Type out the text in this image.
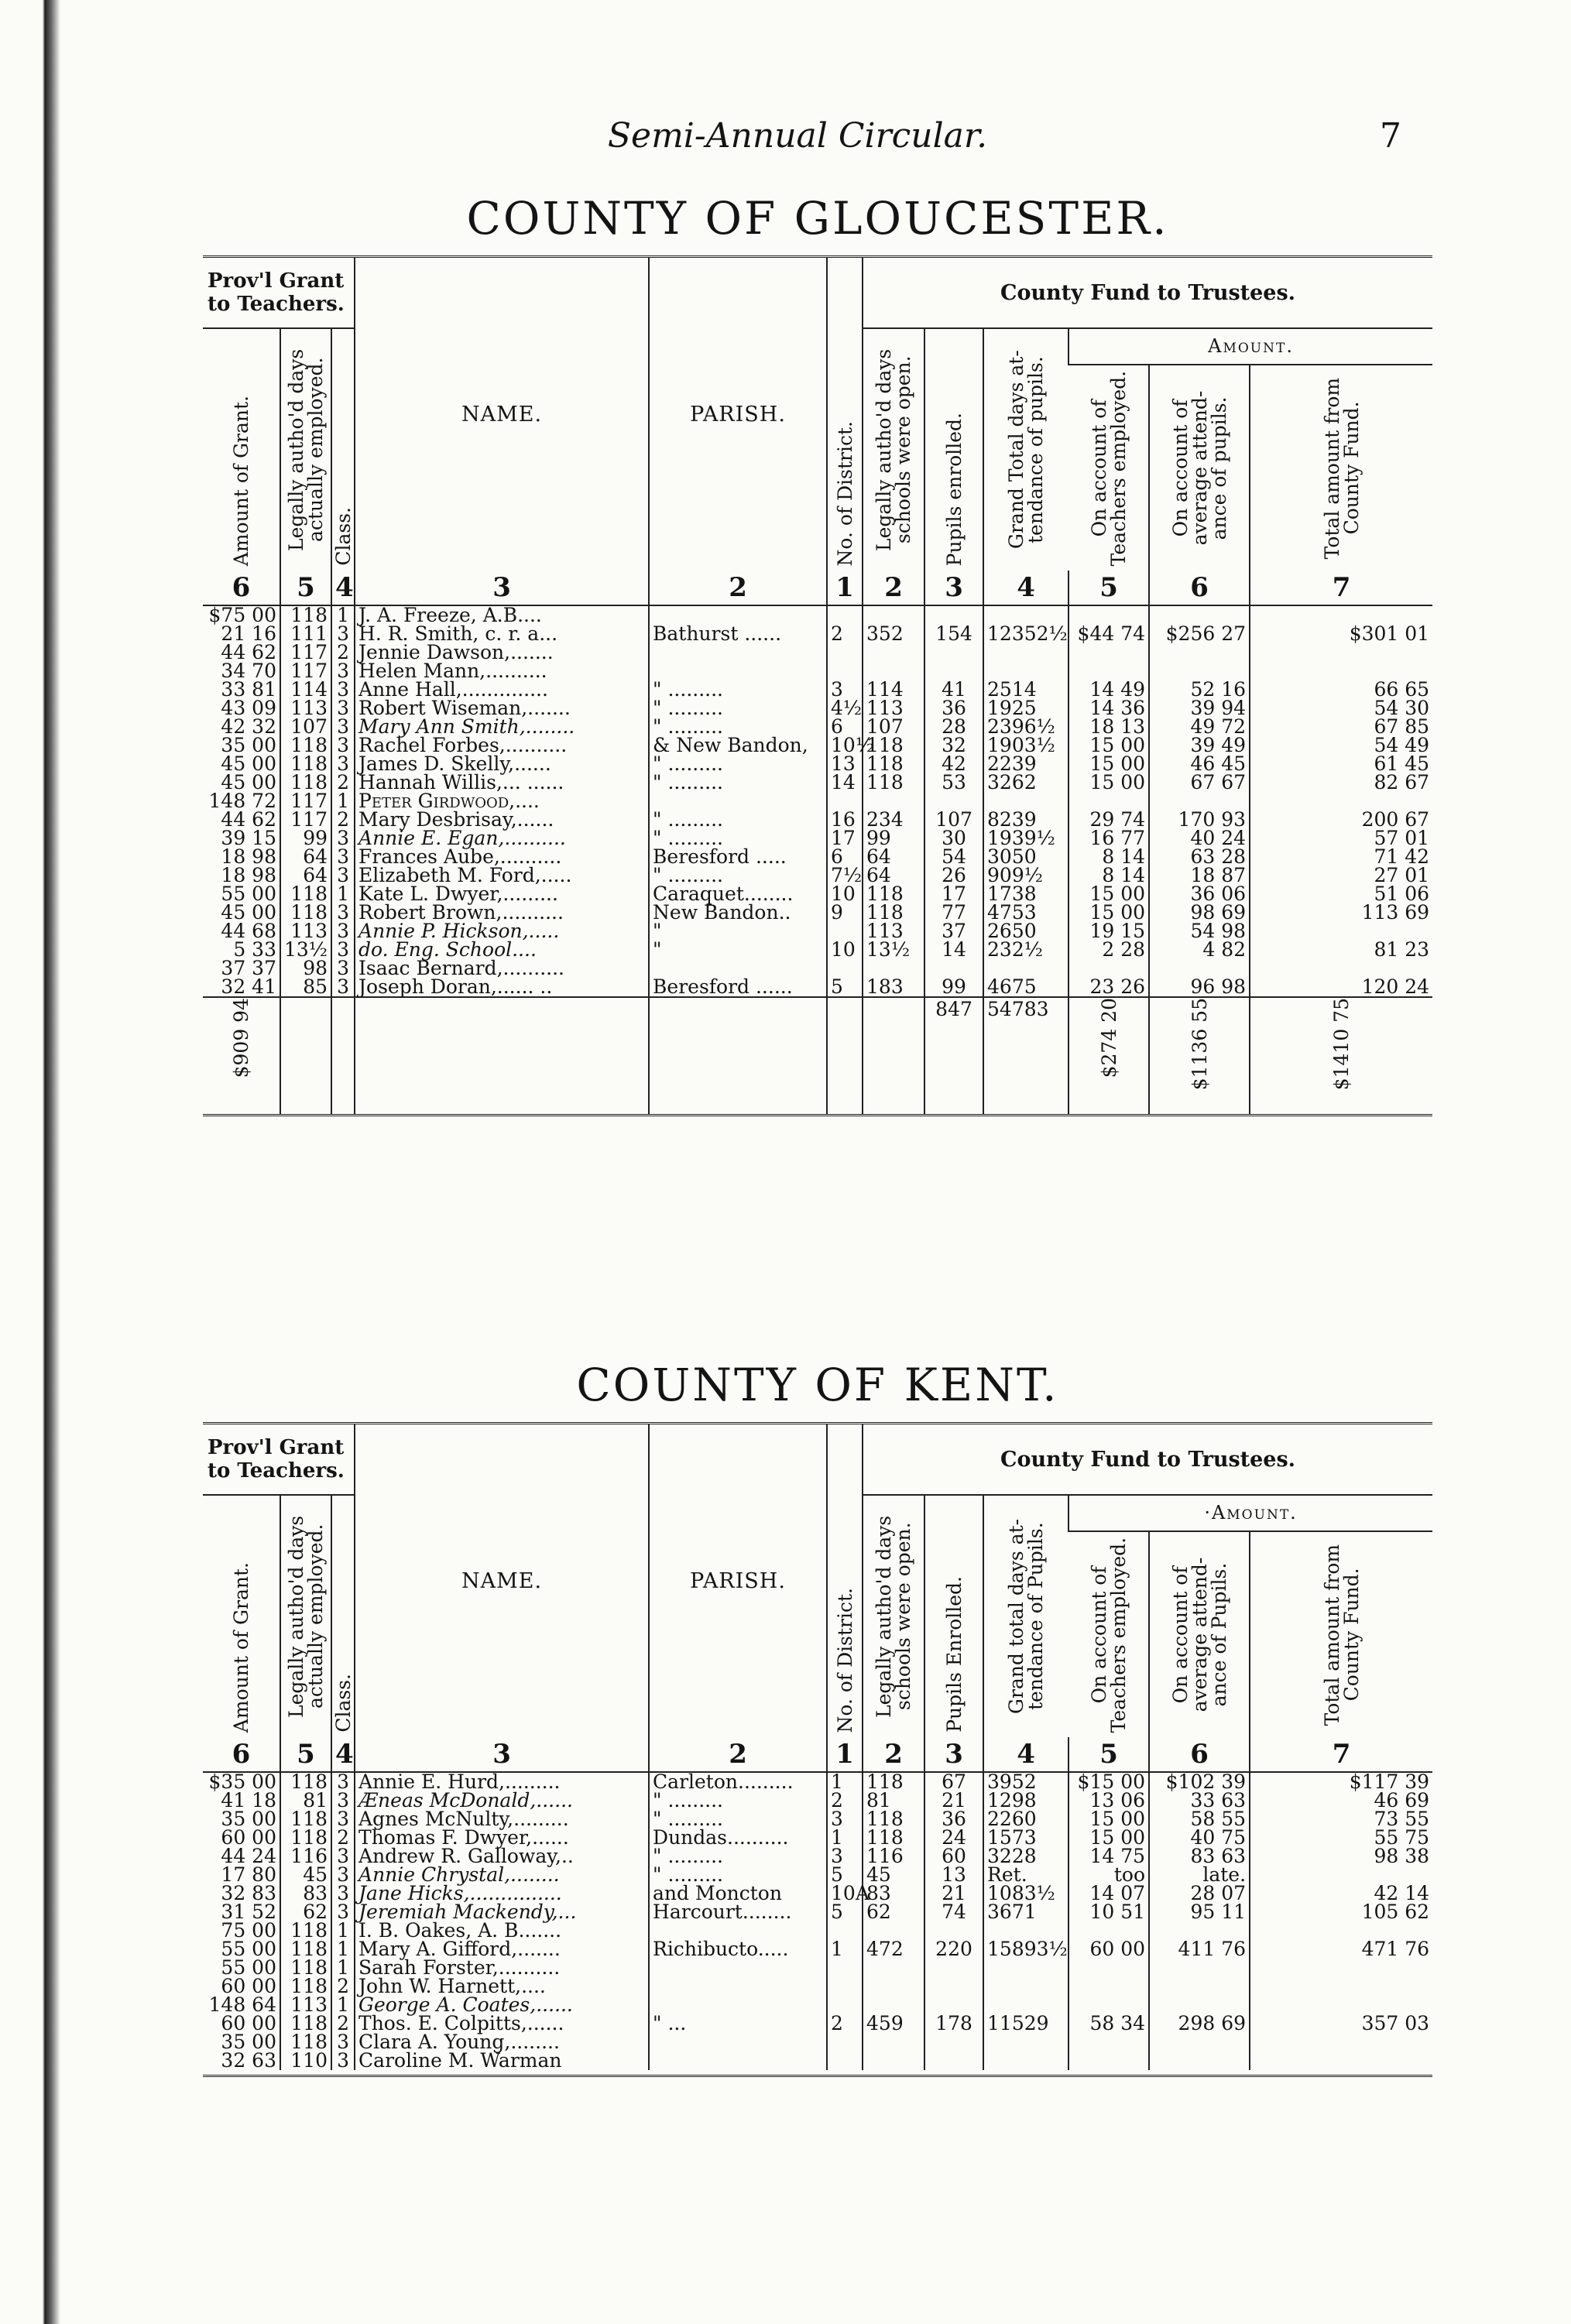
Semi-Annual Circular.	7
COUNTY OF GLOUCESTER.
Prov'l Grant to Teachers.			NAME.	PARISH.	No. of District.	County Fund to Trustees.					

Amount of Grant.	Legally autho'd days actually employed.	Class.				Legally autho'd days schools were open.	Pupils enrolled.	Grand Total days at-tendance of pupils.	Amount.		

									On account of Teachers employed.	On account of average attend-ance of pupils.	Total amount from County Fund.

6	5	4	3	2	1	2	3	4	5	6	7
$75 00	118	1	J. A. Freeze, A.B....								
21 16	111	3	H. R. Smith, c. r. a...	Bathurst ......	2	352	154	12352½	$44 74	$256 27	$301 01
44 62	117	2	Jennie Dawson,.......								
34 70	117	3	Helen Mann,..........								
33 81	114	3	Anne Hall,..............	" .........	3	114	41	2514	14 49	52 16	66 65
43 09	113	3	Robert Wiseman,.......	" .........	4½	113	36	1925	14 36	39 94	54 30
42 32	107	3	Mary Ann Smith,........	" .........	6	107	28	2396½	18 13	49 72	67 85
35 00	118	3	Rachel Forbes,..........	& New Bandon,	10½	118	32	1903½	15 00	39 49	54 49
45 00	118	3	James D. Skelly,......	" .........	13	118	42	2239	15 00	46 45	61 45
45 00	118	2	Hannah Willis,... ......	" .........	14	118	53	3262	15 00	67 67	82 67
148 72	117	1	Peter Girdwood,....								
44 62	117	2	Mary Desbrisay,......	" .........	16	234	107	8239	29 74	170 93	200 67
39 15	99	3	Annie E. Egan,..........	" .........	17	99	30	1939½	16 77	40 24	57 01
18 98	64	3	Frances Aube,..........	Beresford .....	6	64	54	3050	8 14	63 28	71 42
18 98	64	3	Elizabeth M. Ford,.....	" .........	7½	64	26	909½	8 14	18 87	27 01
55 00	118	1	Kate L. Dwyer,.........	Caraquet........	10	118	17	1738	15 00	36 06	51 06
45 00	118	3	Robert Brown,..........	New Bandon..	9	118	77	4753	15 00	98 69	113 69
44 68	113	3	Annie P. Hickson,.....	"		113	37	2650	19 15	54 98	
5 33	13½	3	do. Eng. School....	"	10	13½	14	232½	2 28	4 82	81 23
37 37	98	3	Isaac Bernard,..........								
32 41	85	3	Joseph Doran,...... ..	Beresford ......	5	183	99	4675	23 26	96 98	120 24
$909 94							847	54783	$274 20	$1136 55	$1410 75
COUNTY OF KENT.
Prov'l Grant to Teachers.			NAME.	PARISH.	No. of District.	County Fund to Trustees.					

Amount of Grant.	Legally autho'd days actually employed.	Class.				Legally autho'd days schools were open.	Pupils Enrolled.	Grand total days at-tendance of Pupils.	·Amount.		

									On account of Teachers employed.	On account of average attend-ance of Pupils.	Total amount from County Fund.

6	5	4	3	2	1	2	3	4	5	6	7
$35 00	118	3	Annie E. Hurd,.........	Carleton.........	1	118	67	3952	$15 00	$102 39	$117 39
41 18	81	3	Æneas McDonald,......	" .........	2	81	21	1298	13 06	33 63	46 69
35 00	118	3	Agnes McNulty,.........	" .........	3	118	36	2260	15 00	58 55	73 55
60 00	118	2	Thomas F. Dwyer,......	Dundas..........	1	118	24	1573	15 00	40 75	55 75
44 24	116	3	Andrew R. Galloway,..	" .........	3	116	60	3228	14 75	83 63	98 38
17 80	45	3	Annie Chrystal,........	" .........	5	45	13	Ret.	too	late.	
32 83	83	3	Jane Hicks,...............	and Moncton	10A	83	21	1083½	14 07	28 07	42 14
31 52	62	3	Jeremiah Mackendy,...	Harcourt........	5	62	74	3671	10 51	95 11	105 62
75 00	118	1	I. B. Oakes, A. B.......								
55 00	118	1	Mary A. Gifford,.......	Richibucto.....	1	472	220	15893½	60 00	411 76	471 76
55 00	118	1	Sarah Forster,..........								
60 00	118	2	John W. Harnett,....								
148 64	113	1	George A. Coates,......								
60 00	118	2	Thos. E. Colpitts,......	" ...	2	459	178	11529	58 34	298 69	357 03
35 00	118	3	Clara A. Young,........								
32 63	110	3	Caroline M. Warman								
